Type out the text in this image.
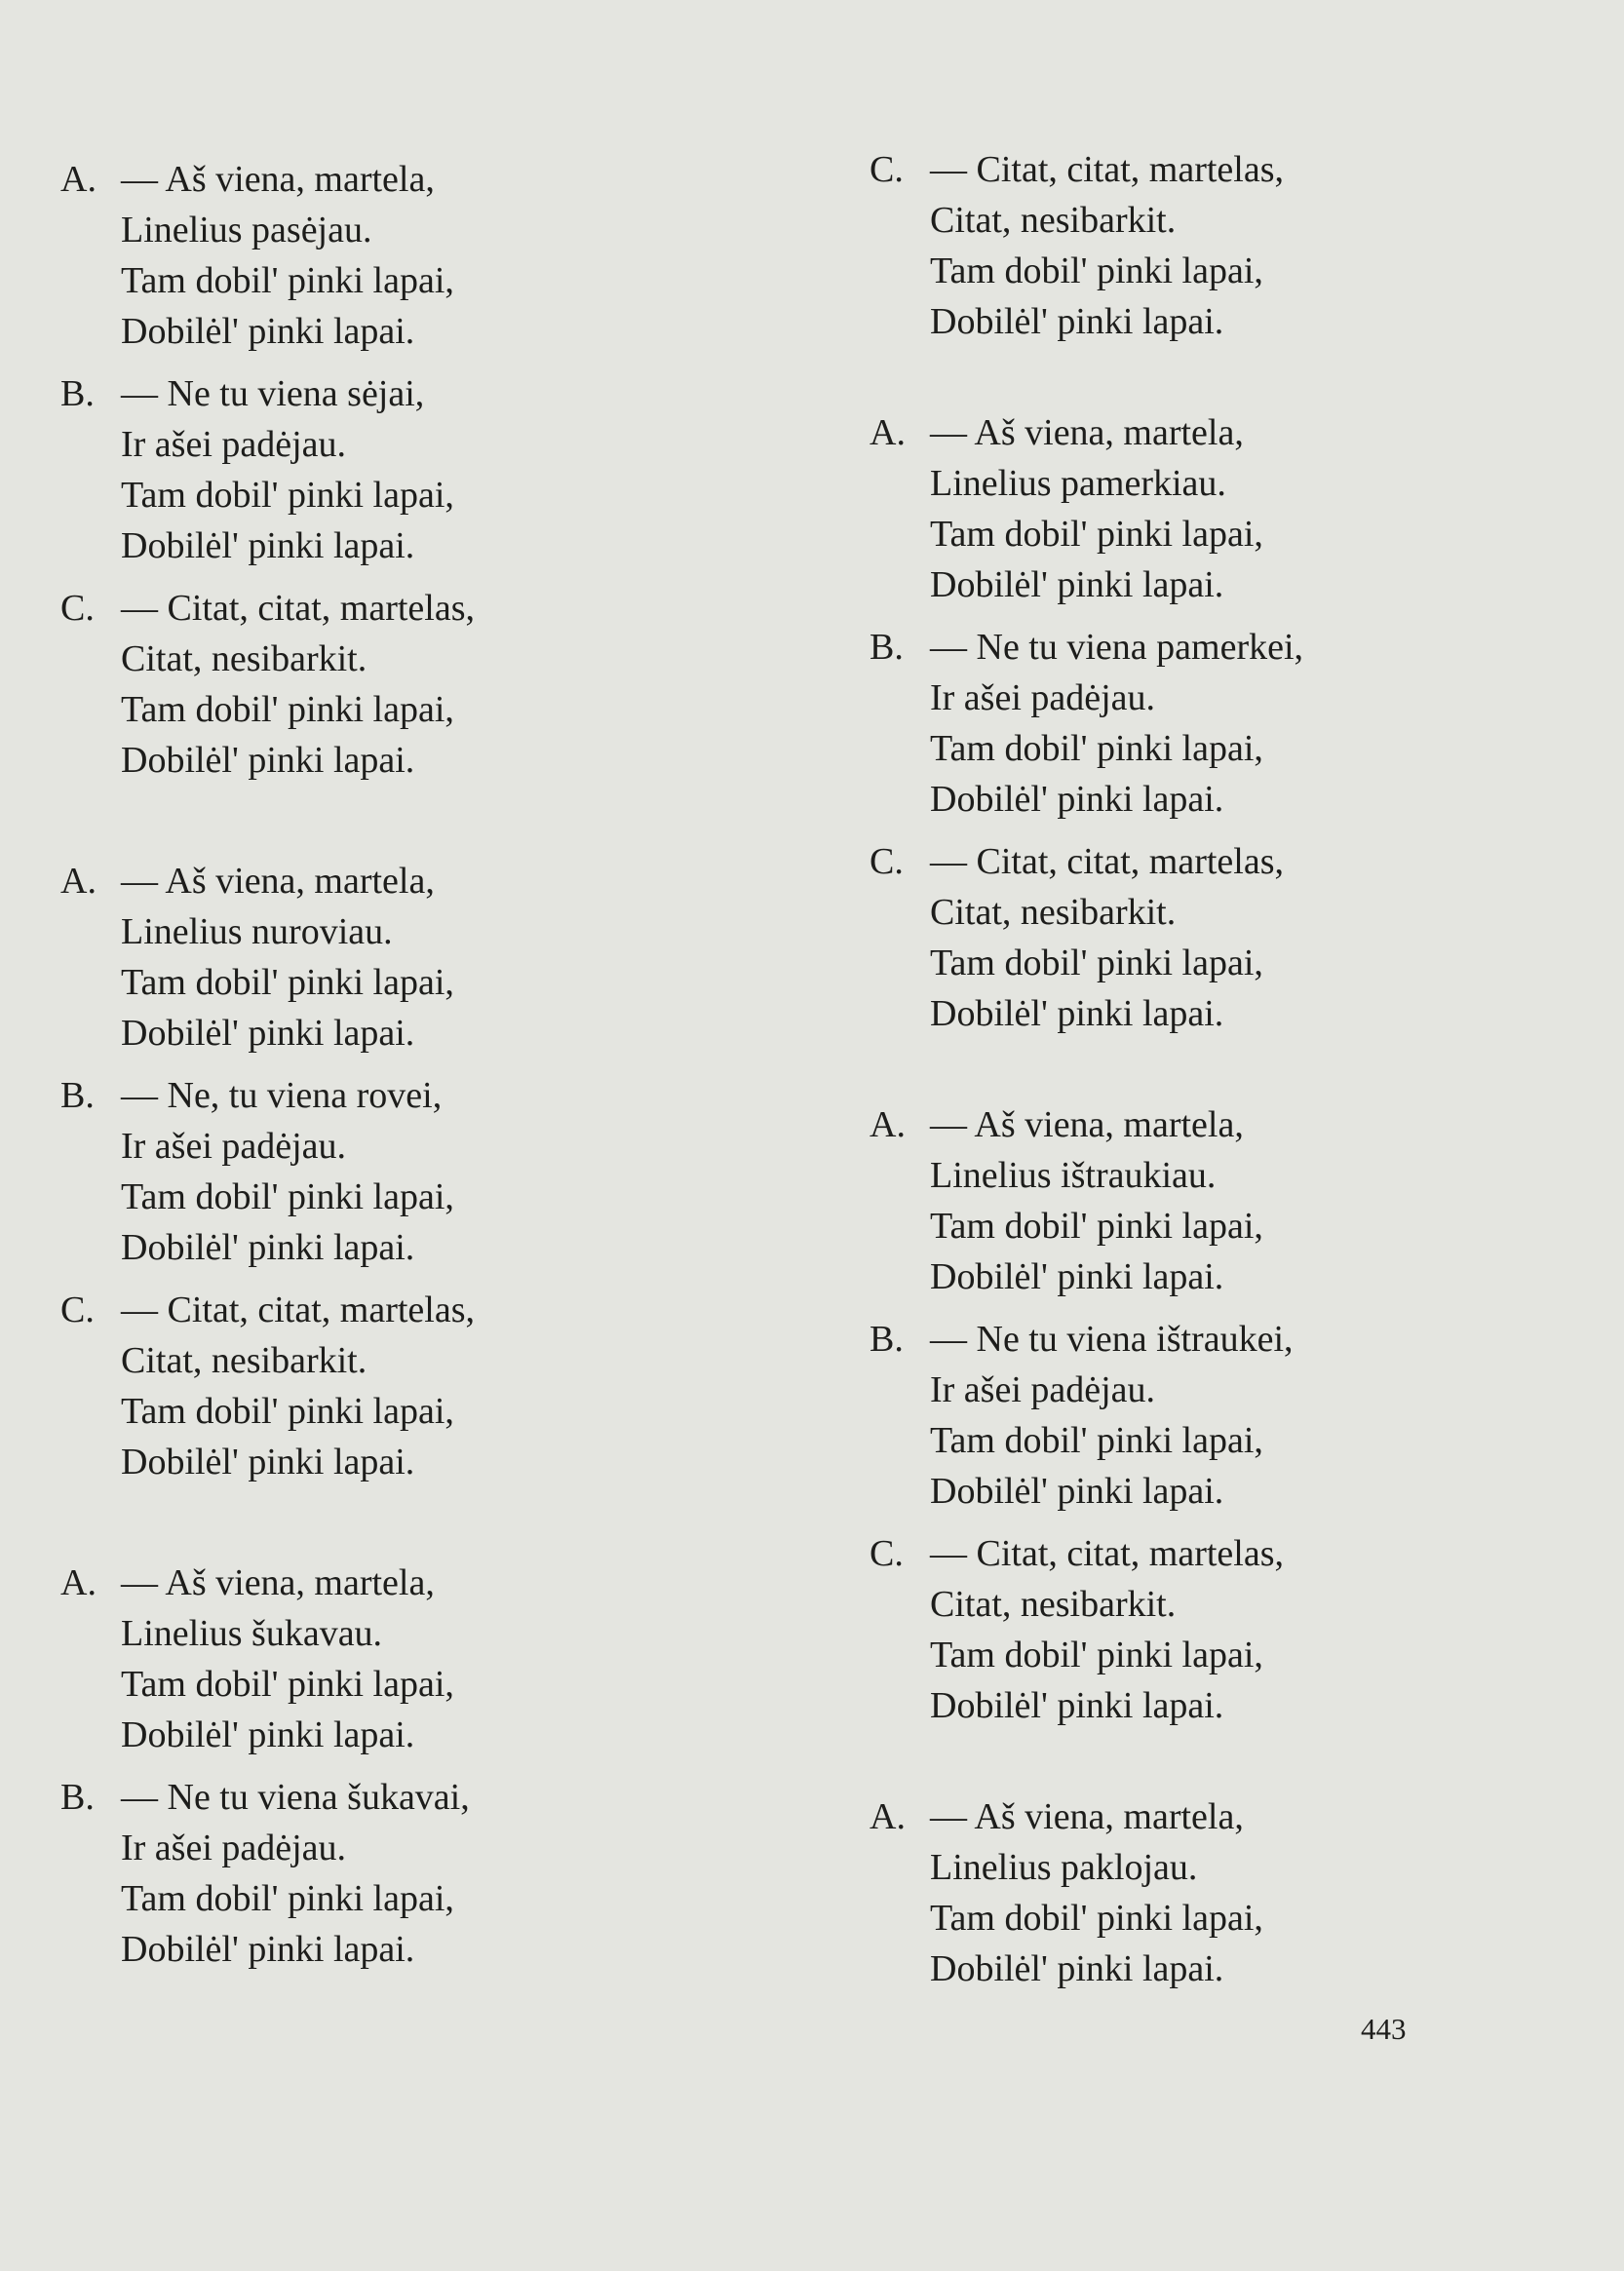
A. — Aš viena, martela,
Linelius pasėjau.
Tam dobil' pinki lapai,
Dobilėl' pinki lapai.
B. — Ne tu viena sėjai,
Ir ašei padėjau.
Tam dobil' pinki lapai,
Dobilėl' pinki lapai.
C. — Citat, citat, martelas,
Citat, nesibarkit.
Tam dobil' pinki lapai,
Dobilėl' pinki lapai.
A. — Aš viena, martela,
Linelius nuroviau.
Tam dobil' pinki lapai,
Dobilėl' pinki lapai.
B. — Ne, tu viena rovei,
Ir ašei padėjau.
Tam dobil' pinki lapai,
Dobilėl' pinki lapai.
C. — Citat, citat, martelas,
Citat, nesibarkit.
Tam dobil' pinki lapai,
Dobilėl' pinki lapai.
A. — Aš viena, martela,
Linelius šukavau.
Tam dobil' pinki lapai,
Dobilėl' pinki lapai.
B. — Ne tu viena šukavai,
Ir ašei padėjau.
Tam dobil' pinki lapai,
Dobilėl' pinki lapai.
C. — Citat, citat, martelas,
Citat, nesibarkit.
Tam dobil' pinki lapai,
Dobilėl' pinki lapai.
A. — Aš viena, martela,
Linelius pamerkiau.
Tam dobil' pinki lapai,
Dobilėl' pinki lapai.
B. — Ne tu viena pamerkei,
Ir ašei padėjau.
Tam dobil' pinki lapai,
Dobilėl' pinki lapai.
C. — Citat, citat, martelas,
Citat, nesibarkit.
Tam dobil' pinki lapai,
Dobilėl' pinki lapai.
A. — Aš viena, martela,
Linelius ištraukiau.
Tam dobil' pinki lapai,
Dobilėl' pinki lapai.
B. — Ne tu viena ištraukei,
Ir ašei padėjau.
Tam dobil' pinki lapai,
Dobilėl' pinki lapai.
C. — Citat, citat, martelas,
Citat, nesibarkit.
Tam dobil' pinki lapai,
Dobilėl' pinki lapai.
A. — Aš viena, martela,
Linelius paklojau.
Tam dobil' pinki lapai,
Dobilėl' pinki lapai.
443
